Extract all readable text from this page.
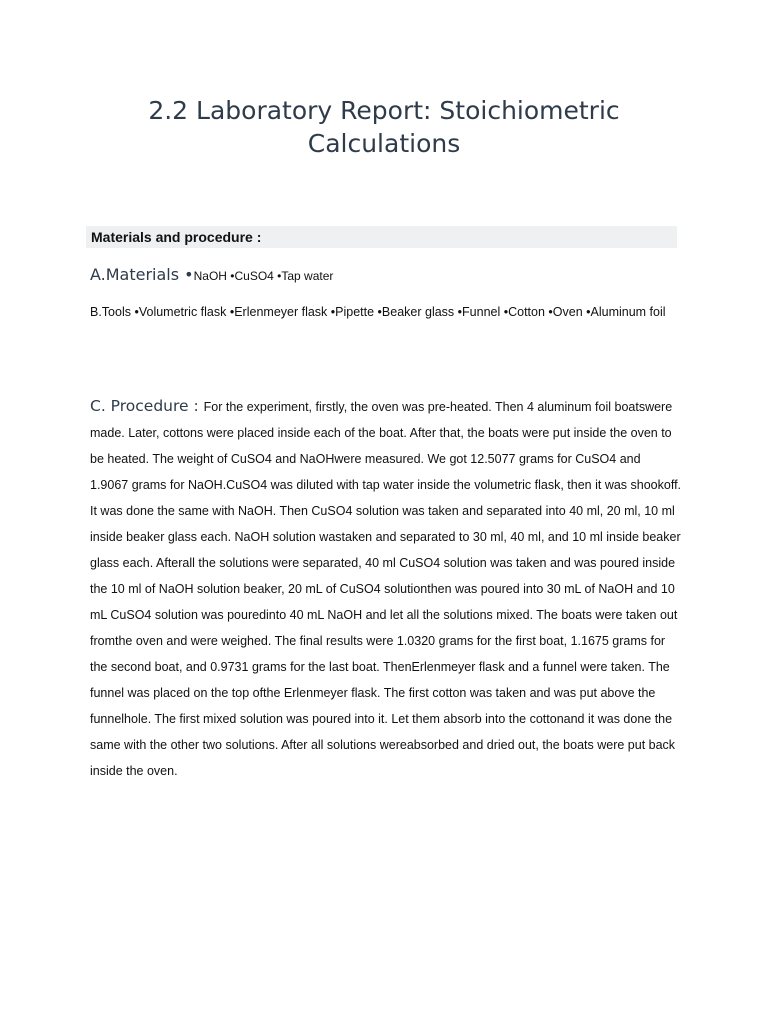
2.2 Laboratory Report: Stoichiometric Calculations
Materials and procedure :
A.Materials •NaOH •CuSO4 •Tap water
B.Tools •Volumetric flask •Erlenmeyer flask •Pipette •Beaker glass •Funnel •Cotton •Oven •Aluminum foil
C. Procedure : For the experiment, firstly, the oven was pre-heated. Then 4 aluminum foil boatswere made. Later, cottons were placed inside each of the boat. After that, the boats were put inside the oven to be heated. The weight of CuSO4 and NaOHwere measured. We got 12.5077 grams for CuSO4 and 1.9067 grams for NaOH.CuSO4 was diluted with tap water inside the volumetric flask, then it was shookoff. It was done the same with NaOH. Then CuSO4 solution was taken and separated into 40 ml, 20 ml, 10 ml inside beaker glass each. NaOH solution wastaken and separated to 30 ml, 40 ml, and 10 ml inside beaker glass each. Afterall the solutions were separated, 40 ml CuSO4 solution was taken and was poured inside the 10 ml of NaOH solution beaker, 20 mL of CuSO4 solutionthen was poured into 30 mL of NaOH and 10 mL CuSO4 solution was pouredinto 40 mL NaOH and let all the solutions mixed. The boats were taken out fromthe oven and were weighed. The final results were 1.0320 grams for the first boat, 1.1675 grams for the second boat, and 0.9731 grams for the last boat. ThenErlenmeyer flask and a funnel were taken. The funnel was placed on the top ofthe Erlenmeyer flask. The first cotton was taken and was put above the funnelhole. The first mixed solution was poured into it. Let them absorb into the cottonand it was done the same with the other two solutions. After all solutions wereabsorbed and dried out, the boats were put back inside the oven.
